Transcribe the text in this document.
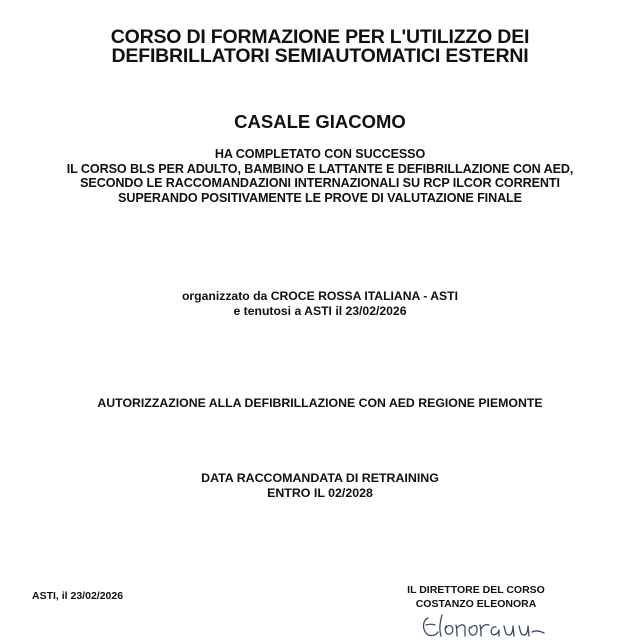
CORSO DI FORMAZIONE PER L'UTILIZZO DEI
DEFIBRILLATORI SEMIAUTOMATICI ESTERNI
CASALE GIACOMO
HA COMPLETATO CON SUCCESSO
IL CORSO BLS PER ADULTO, BAMBINO E LATTANTE E DEFIBRILLAZIONE CON AED,
SECONDO LE RACCOMANDAZIONI INTERNAZIONALI SU RCP ILCOR CORRENTI
SUPERANDO POSITIVAMENTE LE PROVE DI VALUTAZIONE FINALE
organizzato da CROCE ROSSA ITALIANA - ASTI
e tenutosi a ASTI il 23/02/2026
AUTORIZZAZIONE ALLA DEFIBRILLAZIONE CON AED REGIONE PIEMONTE
DATA RACCOMANDATA DI RETRAINING
ENTRO IL 02/2028
ASTI, il 23/02/2026	IL DIRETTORE DEL CORSO
COSTANZO ELEONORA
